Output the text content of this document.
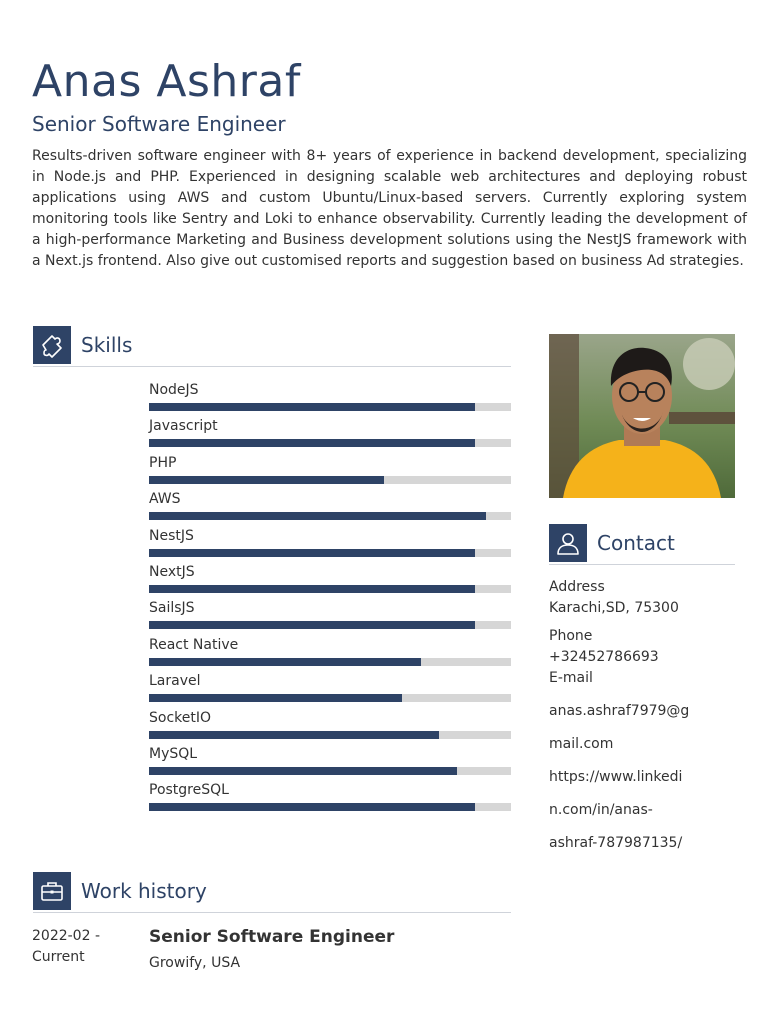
Anas Ashraf
Senior Software Engineer
Results-driven software engineer with 8+ years of experience in backend development, specializing in Node.js and PHP. Experienced in designing scalable web architectures and deploying robust applications using AWS and custom Ubuntu/Linux-based servers. Currently exploring system monitoring tools like Sentry and Loki to enhance observability. Currently leading the development of a high-performance Marketing and Business development solutions using the NestJS framework with a Next.js frontend. Also give out customised reports and suggestion based on business Ad strategies.
Skills
NodeJS
Javascript
PHP
AWS
NestJS
NextJS
SailsJS
React Native
Laravel
SocketIO
MySQL
PostgreSQL
Contact
Address
Karachi,SD, 75300
Phone
+32452786693
E-mail
anas.ashraf7979@g
mail.com
https://www.linkedi
n.com/in/anas-
ashraf-787987135/
Work history
2022-02 -
Current
Senior Software Engineer
Growify, USA
